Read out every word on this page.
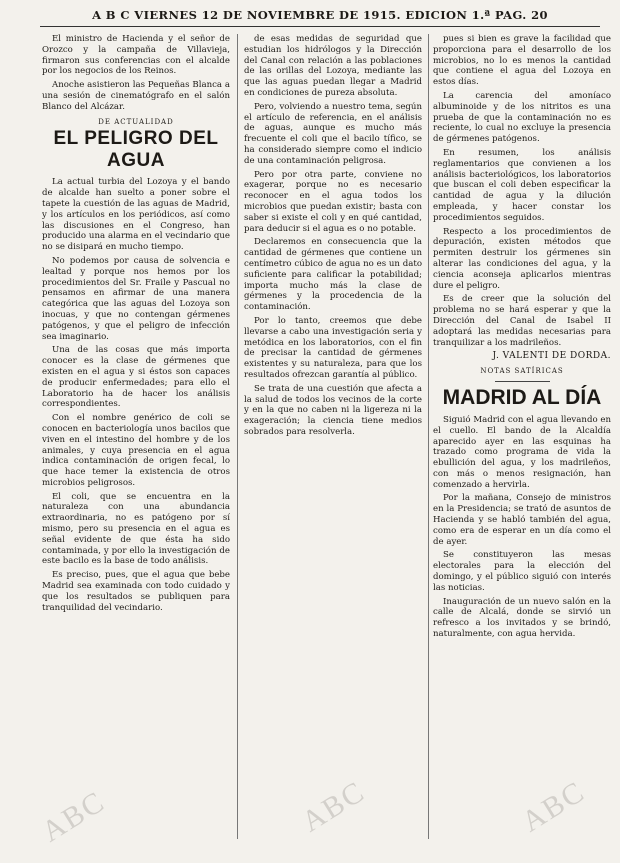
A B C VIERNES 12 DE NOVIEMBRE DE 1915. EDICION 1.ª PAG. 20

El ministro de Hacienda y el señor de Orozco y la campaña de Villavieja, firmaron sus conferencias con el alcalde por los negocios de los Reinos.

Anoche asistieron las Pequeñas Blanca a una sesión de cinematógrafo en el salón Blanco del Alcázar.

DE ACTUALIDAD
EL PELIGRO DEL AGUA

La actual turbia del Lozoya y el bando de alcalde han suelto a poner sobre el tapete la cuestión de las aguas de Madrid, y los artículos en los periódicos, así como las discusiones en el Congreso, han producido una alarma en el vecindario que no se disipará en mucho tiempo.

No podemos por causa de solvencia e lealtad y porque nos hemos por los procedimientos del Sr. Fraile y Pascual no pensamos en afirmar de una manera categórica que las aguas del Lozoya son inocuas, y que no contengan gérmenes patógenos, y que el peligro de infección sea imaginario.

Una de las cosas que más importa conocer es la clase de gérmenes que existen en el agua y si éstos son capaces de producir enfermedades; para ello el Laboratorio ha de hacer los análisis correspondientes.

Con el nombre genérico de coli se conocen en bacteriología unos bacilos que viven en el intestino del hombre y de los animales, y cuya presencia en el agua indica contaminación de origen fecal, lo que hace temer la existencia de otros microbios peligrosos.

El coli, que se encuentra en la naturaleza con una abundancia extraordinaria, no es patógeno por sí mismo, pero su presencia en el agua es señal evidente de que ésta ha sido contaminada, y por ello la investigación de este bacilo es la base de todo análisis.

Es preciso, pues, que el agua que bebe Madrid sea examinada con todo cuidado y que los resultados se publiquen para tranquilidad del vecindario.

de esas medidas de seguridad que estudian los hidrólogos y la Dirección del Canal con relación a las poblaciones de las orillas del Lozoya, mediante las que las aguas puedan llegar a Madrid en condiciones de pureza absoluta.

Pero, volviendo a nuestro tema, según el artículo de referencia, en el análisis de aguas, aunque es mucho más frecuente el coli que el bacilo tífico, se ha considerado siempre como el indicio de una contaminación peligrosa.

Pero por otra parte, conviene no exagerar, porque no es necesario reconocer en el agua todos los microbios que puedan existir; basta con saber si existe el coli y en qué cantidad, para deducir si el agua es o no potable.

Declaremos en consecuencia que la cantidad de gérmenes que contiene un centímetro cúbico de agua no es un dato suficiente para calificar la potabilidad; importa mucho más la clase de gérmenes y la procedencia de la contaminación.

Por lo tanto, creemos que debe llevarse a cabo una investigación seria y metódica en los laboratorios, con el fin de precisar la cantidad de gérmenes existentes y su naturaleza, para que los resultados ofrezcan garantía al público.

Se trata de una cuestión que afecta a la salud de todos los vecinos de la corte y en la que no caben ni la ligereza ni la exageración; la ciencia tiene medios sobrados para resolverla.

pues si bien es grave la facilidad que proporciona para el desarrollo de los microbios, no lo es menos la cantidad que contiene el agua del Lozoya en estos días.

La carencia del amoníaco albuminoide y de los nitritos es una prueba de que la contaminación no es reciente, lo cual no excluye la presencia de gérmenes patógenos.

En resumen, los análisis reglamentarios que convienen a los análisis bacteriológicos, los laboratorios que buscan el coli deben especificar la cantidad de agua y la dilución empleada, y hacer constar los procedimientos seguidos.

Respecto a los procedimientos de depuración, existen métodos que permiten destruir los gérmenes sin alterar las condiciones del agua, y la ciencia aconseja aplicarlos mientras dure el peligro.

Es de creer que la solución del problema no se hará esperar y que la Dirección del Canal de Isabel II adoptará las medidas necesarias para tranquilizar a los madrileños.

J. VALENTI DE DORDA.
NOTAS SATÍRICAS
MADRID AL DÍA

Siguió Madrid con el agua llevando en el cuello. El bando de la Alcaldía aparecido ayer en las esquinas ha trazado como programa de vida la ebullición del agua, y los madrileños, con más o menos resignación, han comenzado a hervirla.

Por la mañana, Consejo de ministros en la Presidencia; se trató de asuntos de Hacienda y se habló también del agua, como era de esperar en un día como el de ayer.

Se constituyeron las mesas electorales para la elección del domingo, y el público siguió con interés las noticias.

Inauguración de un nuevo salón en la calle de Alcalá, donde se sirvió un refresco a los invitados y se brindó, naturalmente, con agua hervida.

ABC	ABC	ABC
